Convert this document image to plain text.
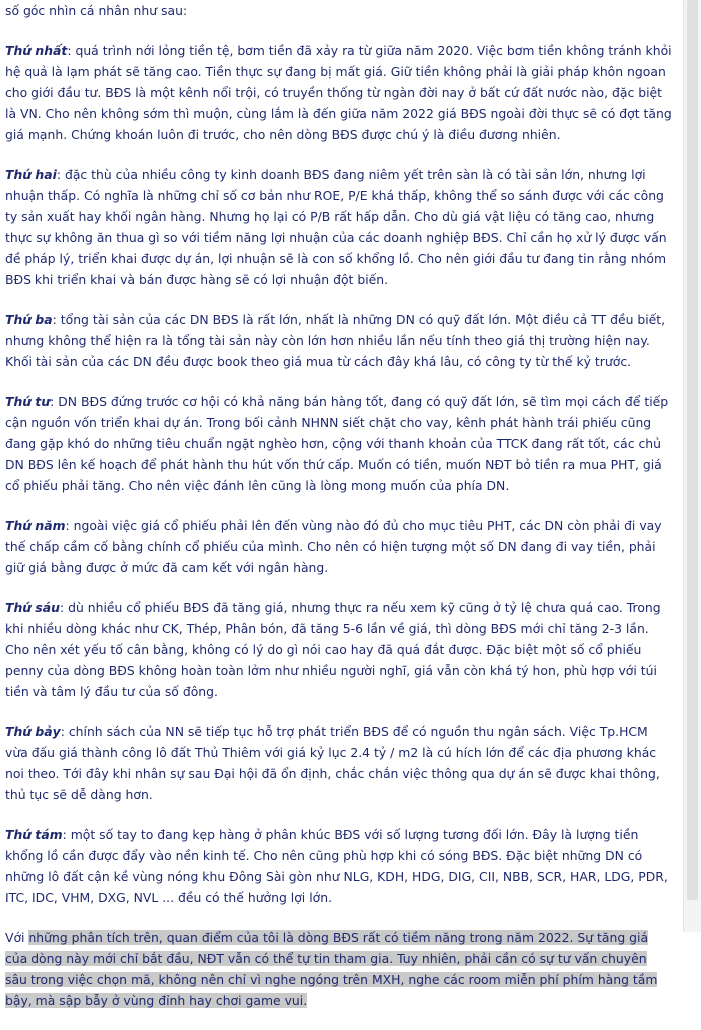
số góc nhìn cá nhân như sau:

Thứ nhất: quá trình nới lỏng tiền tệ, bơm tiền đã xảy ra từ giữa năm 2020. Việc bơm tiền không tránh khỏi hệ quả là lạm phát sẽ tăng cao. Tiền thực sự đang bị mất giá. Giữ tiền không phải là giải pháp khôn ngoan cho giới đầu tư. BĐS là một kênh nổi trội, có truyền thống từ ngàn đời nay ở bất cứ đất nước nào, đặc biệt là VN. Cho nên không sớm thì muộn, cùng lắm là đến giữa năm 2022 giá BĐS ngoài đời thực sẽ có đợt tăng giá mạnh. Chứng khoán luôn đi trước, cho nên dòng BĐS được chú ý là điều đương nhiên.

Thứ hai: đặc thù của nhiều công ty kinh doanh BĐS đang niêm yết trên sàn là có tài sản lớn, nhưng lợi nhuận thấp. Có nghĩa là những chỉ số cơ bản như ROE, P/E khá thấp, không thể so sánh được với các công ty sản xuất hay khối ngân hàng. Nhưng họ lại có P/B rất hấp dẫn. Cho dù giá vật liệu có tăng cao, nhưng thực sự không ăn thua gì so với tiềm năng lợi nhuận của các doanh nghiệp BĐS. Chỉ cần họ xử lý được vấn đề pháp lý, triển khai được dự án, lợi nhuận sẽ là con số khổng lồ. Cho nên giới đầu tư đang tin rằng nhóm BĐS khi triển khai và bán được hàng sẽ có lợi nhuận đột biến.

Thứ ba: tổng tài sản của các DN BĐS là rất lớn, nhất là những DN có quỹ đất lớn. Một điều cả TT đều biết, nhưng không thể hiện ra là tổng tài sản này còn lớn hơn nhiều lần nếu tính theo giá thị trường hiện nay. Khối tài sản của các DN đều được book theo giá mua từ cách đây khá lâu, có công ty từ thế kỷ trước.

Thứ tư: DN BĐS đứng trước cơ hội có khả năng bán hàng tốt, đang có quỹ đất lớn, sẽ tìm mọi cách để tiếp cận nguồn vốn triển khai dự án. Trong bối cảnh NHNN siết chặt cho vay, kênh phát hành trái phiếu cũng đang gặp khó do những tiêu chuẩn ngặt nghèo hơn, cộng với thanh khoản của TTCK đang rất tốt, các chủ DN BĐS lên kế hoạch để phát hành thu hút vốn thứ cấp. Muốn có tiền, muốn NĐT bỏ tiền ra mua PHT, giá cổ phiếu phải tăng. Cho nên việc đánh lên cũng là lòng mong muốn của phía DN.

Thứ năm: ngoài việc giá cổ phiếu phải lên đến vùng nào đó đủ cho mục tiêu PHT, các DN còn phải đi vay thế chấp cầm cố bằng chính cổ phiếu của mình. Cho nên có hiện tượng một số DN đang đi vay tiền, phải giữ giá bằng được ở mức đã cam kết với ngân hàng.

Thứ sáu: dù nhiều cổ phiếu BĐS đã tăng giá, nhưng thực ra nếu xem kỹ cũng ở tỷ lệ chưa quá cao. Trong khi nhiều dòng khác như CK, Thép, Phân bón, đã tăng 5-6 lần về giá, thì dòng BĐS mới chỉ tăng 2-3 lần. Cho nên xét yếu tố cân bằng, không có lý do gì nói cao hay đã quá đắt được. Đặc biệt một số cổ phiếu penny của dòng BĐS không hoàn toàn lởm như nhiều người nghĩ, giá vẫn còn khá tý hon, phù hợp với túi tiền và tâm lý đầu tư của số đông.

Thứ bảy: chính sách của NN sẽ tiếp tục hỗ trợ phát triển BĐS để có nguồn thu ngân sách. Việc Tp.HCM vừa đấu giá thành công lô đất Thủ Thiêm với giá kỷ lục 2.4 tỷ / m2 là cú hích lớn để các địa phương khác noi theo. Tới đây khi nhân sự sau Đại hội đã ổn định, chắc chắn việc thông qua dự án sẽ được khai thông, thủ tục sẽ dễ dàng hơn.

Thứ tám: một số tay to đang kẹp hàng ở phân khúc BĐS với số lượng tương đối lớn. Đây là lượng tiền khổng lồ cần được đẩy vào nền kinh tế. Cho nên cũng phù hợp khi có sóng BĐS. Đặc biệt những DN có những lô đất cận kề vùng nóng khu Đông Sài gòn như NLG, KDH, HDG, DIG, CII, NBB, SCR, HAR, LDG, PDR, ITC, IDC, VHM, DXG, NVL ... đều có thế hưởng lợi lớn.

Với những phân tích trên, quan điểm của tôi là dòng BĐS rất có tiềm năng trong năm 2022. Sự tăng giá của dòng này mới chỉ bắt đầu, NĐT vẫn có thể tự tin tham gia. Tuy nhiên, phải cần có sự tư vấn chuyên sâu trong việc chọn mã, không nên chỉ vì nghe ngóng trên MXH, nghe các room miễn phí phím hàng tầm bậy, mà sập bẫy ở vùng đỉnh hay chơi game vui.
